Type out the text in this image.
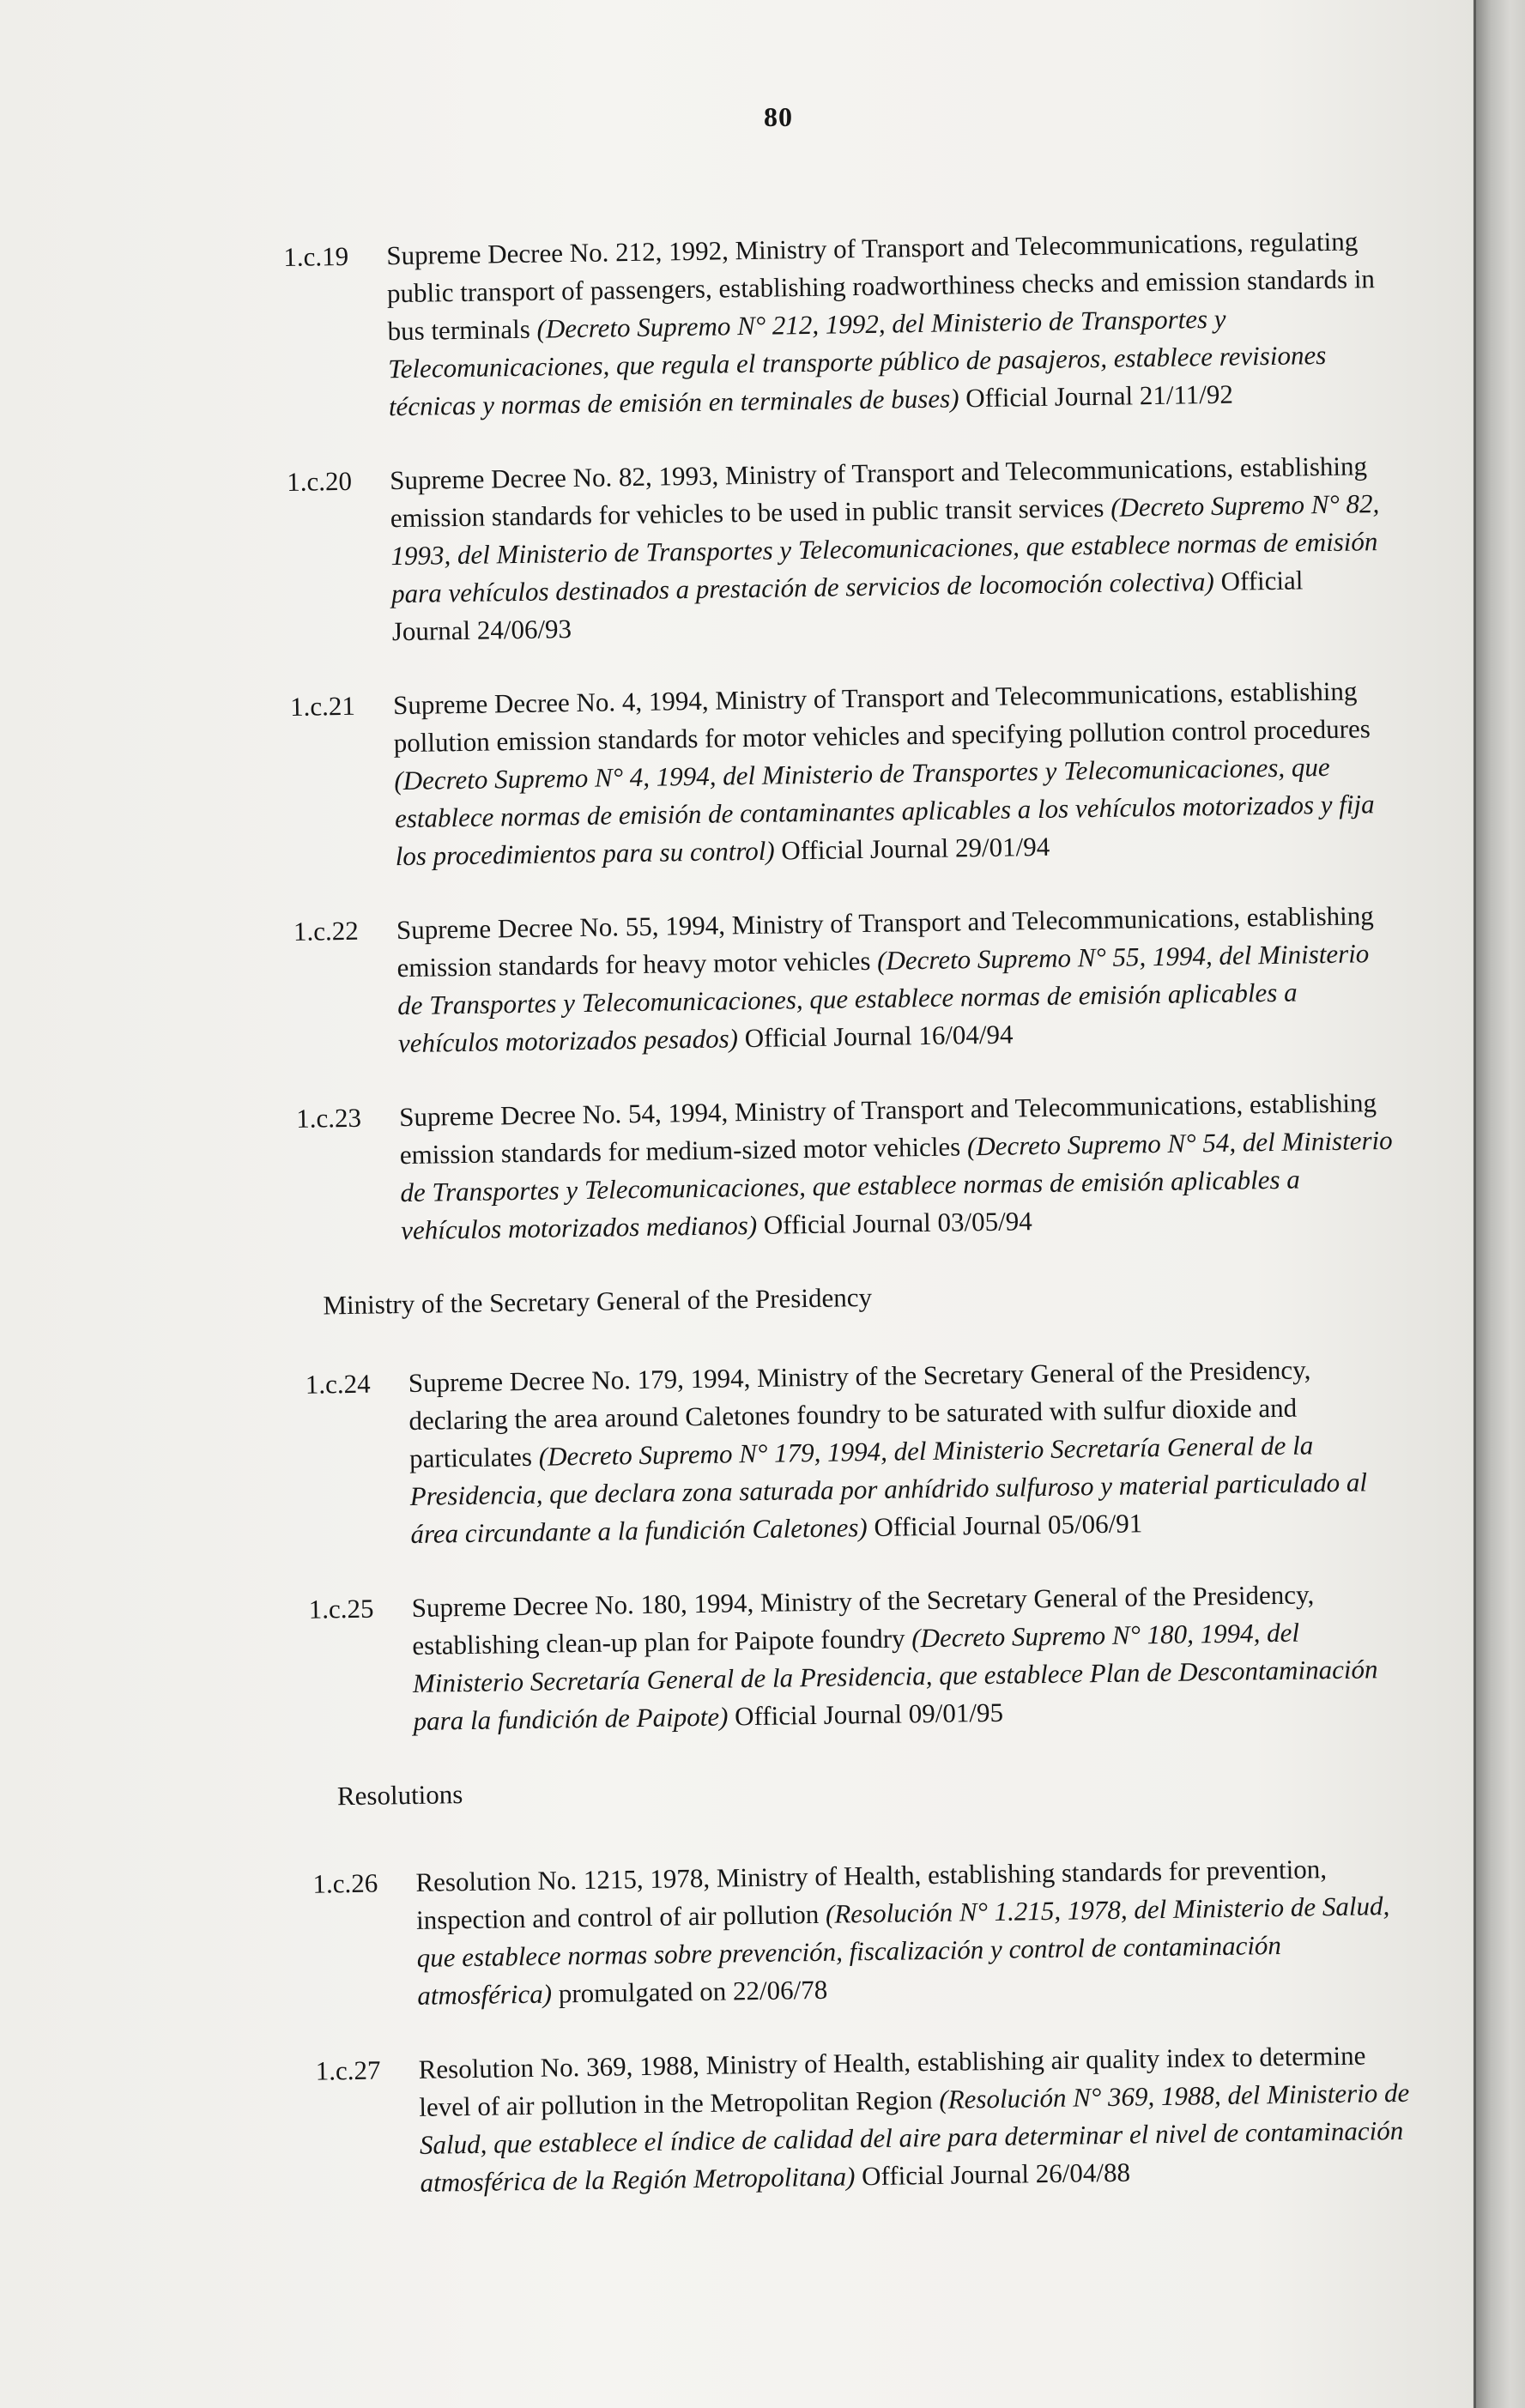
80
1.c.19	Supreme Decree No. 212, 1992, Ministry of Transport and Telecommunications, regulating public transport of passengers, establishing roadworthiness checks and emission standards in bus terminals (Decreto Supremo N° 212, 1992, del Ministerio de Transportes y Telecomunicaciones, que regula el transporte público de pasajeros, establece revisiones técnicas y normas de emisión en terminales de buses) Official Journal 21/11/92
1.c.20	Supreme Decree No. 82, 1993, Ministry of Transport and Telecommunications, establishing emission standards for vehicles to be used in public transit services (Decreto Supremo N° 82, 1993, del Ministerio de Transportes y Telecomunicaciones, que establece normas de emisión para vehículos destinados a prestación de servicios de locomoción colectiva) Official Journal 24/06/93
1.c.21	Supreme Decree No. 4, 1994, Ministry of Transport and Telecommunications, establishing pollution emission standards for motor vehicles and specifying pollution control procedures (Decreto Supremo N° 4, 1994, del Ministerio de Transportes y Telecomunicaciones, que establece normas de emisión de contaminantes aplicables a los vehículos motorizados y fija los procedimientos para su control) Official Journal 29/01/94
1.c.22	Supreme Decree No. 55, 1994, Ministry of Transport and Telecommunications, establishing emission standards for heavy motor vehicles (Decreto Supremo N° 55, 1994, del Ministerio de Transportes y Telecomunicaciones, que establece normas de emisión aplicables a vehículos motorizados pesados) Official Journal 16/04/94
1.c.23	Supreme Decree No. 54, 1994, Ministry of Transport and Telecommunications, establishing emission standards for medium-sized motor vehicles (Decreto Supremo N° 54, del Ministerio de Transportes y Telecomunicaciones, que establece normas de emisión aplicables a vehículos motorizados medianos) Official Journal 03/05/94
Ministry of the Secretary General of the Presidency
1.c.24	Supreme Decree No. 179, 1994, Ministry of the Secretary General of the Presidency, declaring the area around Caletones foundry to be saturated with sulfur dioxide and particulates (Decreto Supremo N° 179, 1994, del Ministerio Secretaría General de la Presidencia, que declara zona saturada por anhídrido sulfuroso y material particulado al área circundante a la fundición Caletones) Official Journal 05/06/91
1.c.25	Supreme Decree No. 180, 1994, Ministry of the Secretary General of the Presidency, establishing clean-up plan for Paipote foundry (Decreto Supremo N° 180, 1994, del Ministerio Secretaría General de la Presidencia, que establece Plan de Descontaminación para la fundición de Paipote) Official Journal 09/01/95
Resolutions
1.c.26	Resolution No. 1215, 1978, Ministry of Health, establishing standards for prevention, inspection and control of air pollution (Resolución N° 1.215, 1978, del Ministerio de Salud, que establece normas sobre prevención, fiscalización y control de contaminación atmosférica) promulgated on 22/06/78
1.c.27	Resolution No. 369, 1988, Ministry of Health, establishing air quality index to determine level of air pollution in the Metropolitan Region (Resolución N° 369, 1988, del Ministerio de Salud, que establece el índice de calidad del aire para determinar el nivel de contaminación atmosférica de la Región Metropolitana) Official Journal 26/04/88
